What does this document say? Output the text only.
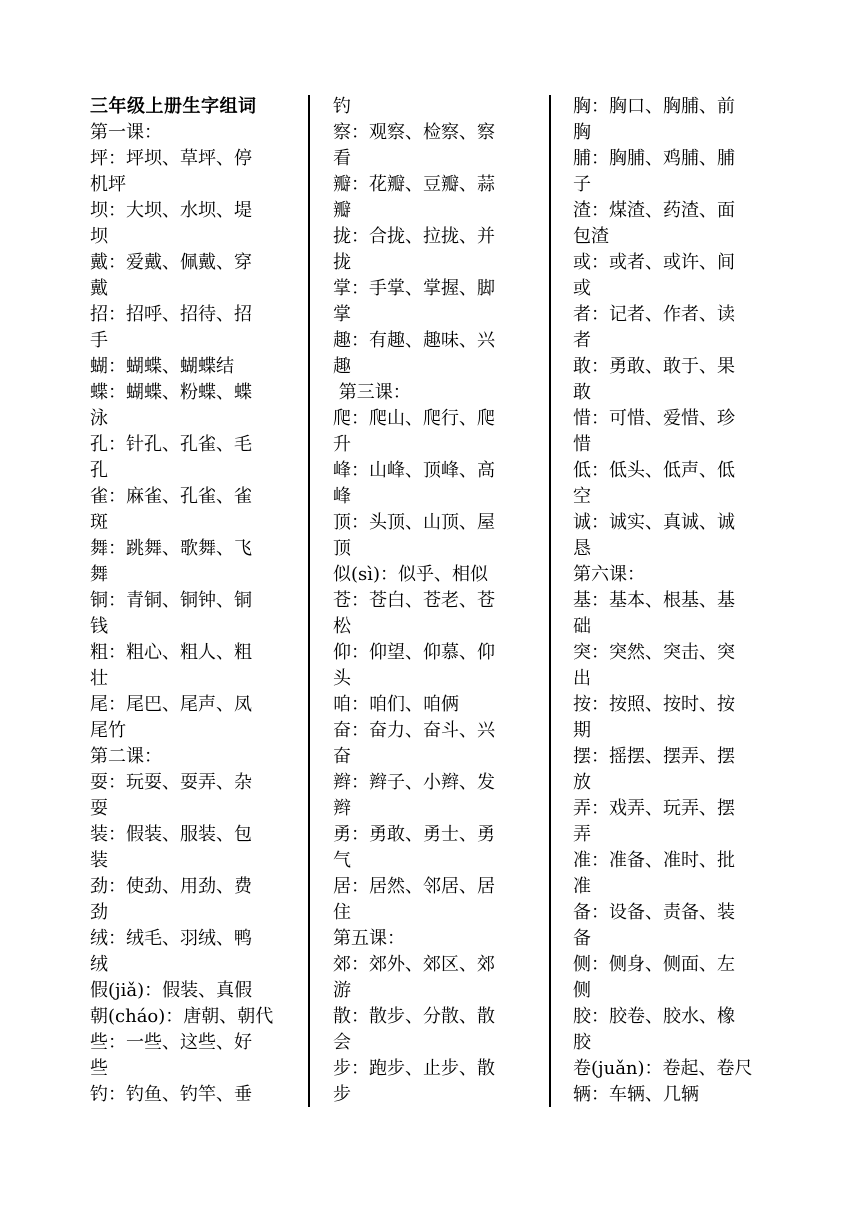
三年级上册生字组词
第一课：
坪：坪坝、草坪、停
机坪
坝：大坝、水坝、堤
坝
戴：爱戴、佩戴、穿
戴
招：招呼、招待、招
手
蝴：蝴蝶、蝴蝶结
蝶：蝴蝶、粉蝶、蝶
泳
孔：针孔、孔雀、毛
孔
雀：麻雀、孔雀、雀
斑
舞：跳舞、歌舞、飞
舞
铜：青铜、铜钟、铜
钱
粗：粗心、粗人、粗
壮
尾：尾巴、尾声、凤
尾竹
第二课：
耍：玩耍、耍弄、杂
耍
装：假装、服装、包
装
劲：使劲、用劲、费
劲
绒：绒毛、羽绒、鸭
绒
假(jiǎ)：假装、真假
朝(cháo)：唐朝、朝代
些：一些、这些、好
些
钓：钓鱼、钓竿、垂
钓
察：观察、检察、察
看
瓣：花瓣、豆瓣、蒜
瓣
拢：合拢、拉拢、并
拢
掌：手掌、掌握、脚
掌
趣：有趣、趣味、兴
趣
第三课：
爬：爬山、爬行、爬
升
峰：山峰、顶峰、高
峰
顶：头顶、山顶、屋
顶
似(sì)：似乎、相似
苍：苍白、苍老、苍
松
仰：仰望、仰慕、仰
头
咱：咱们、咱俩
奋：奋力、奋斗、兴
奋
辫：辫子、小辫、发
辫
勇：勇敢、勇士、勇
气
居：居然、邻居、居
住
第五课：
郊：郊外、郊区、郊
游
散：散步、分散、散
会
步：跑步、止步、散
步
胸：胸口、胸脯、前
胸
脯：胸脯、鸡脯、脯
子
渣：煤渣、药渣、面
包渣
或：或者、或许、间
或
者：记者、作者、读
者
敢：勇敢、敢于、果
敢
惜：可惜、爱惜、珍
惜
低：低头、低声、低
空
诚：诚实、真诚、诚
恳
第六课：
基：基本、根基、基
础
突：突然、突击、突
出
按：按照、按时、按
期
摆：摇摆、摆弄、摆
放
弄：戏弄、玩弄、摆
弄
准：准备、准时、批
准
备：设备、责备、装
备
侧：侧身、侧面、左
侧
胶：胶卷、胶水、橡
胶
卷(juǎn)：卷起、卷尺
辆：车辆、几辆
